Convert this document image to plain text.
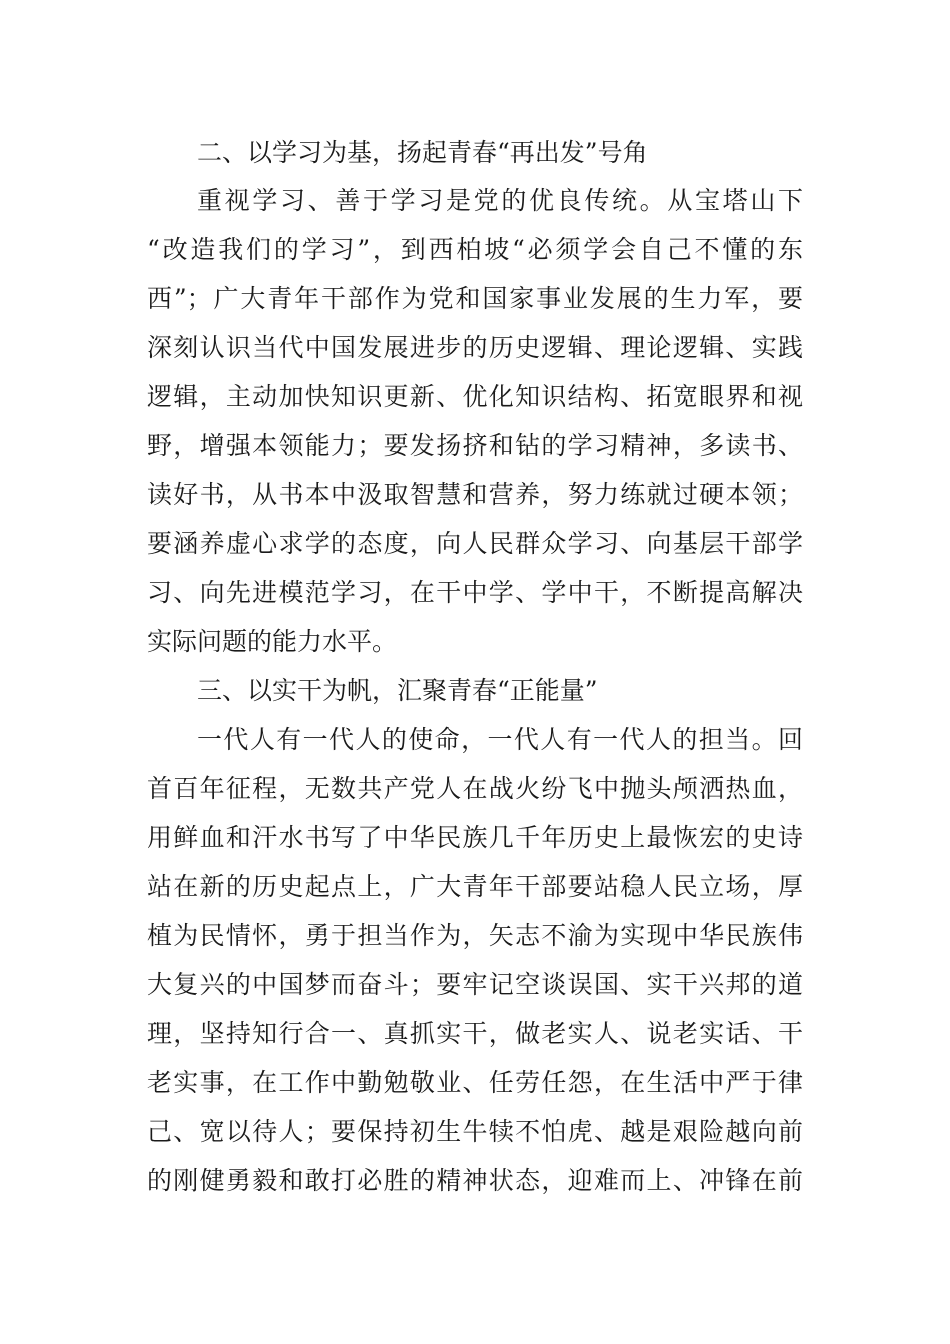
二、以学习为基，扬起青春“再出发”号角
重视学习、善于学习是党的优良传统。从宝塔山下
“改造我们的学习”，到西柏坡“必须学会自己不懂的东
西”；广大青年干部作为党和国家事业发展的生力军，要
深刻认识当代中国发展进步的历史逻辑、理论逻辑、实践
逻辑，主动加快知识更新、优化知识结构、拓宽眼界和视
野，增强本领能力；要发扬挤和钻的学习精神，多读书、
读好书，从书本中汲取智慧和营养，努力练就过硬本领；
要涵养虚心求学的态度，向人民群众学习、向基层干部学
习、向先进模范学习，在干中学、学中干，不断提高解决
实际问题的能力水平。
三、以实干为帆，汇聚青春“正能量”
一代人有一代人的使命，一代人有一代人的担当。回
首百年征程，无数共产党人在战火纷飞中抛头颅洒热血，
用鲜血和汗水书写了中华民族几千年历史上最恢宏的史诗
站在新的历史起点上，广大青年干部要站稳人民立场，厚
植为民情怀，勇于担当作为，矢志不渝为实现中华民族伟
大复兴的中国梦而奋斗；要牢记空谈误国、实干兴邦的道
理，坚持知行合一、真抓实干，做老实人、说老实话、干
老实事，在工作中勤勉敬业、任劳任怨，在生活中严于律
己、宽以待人；要保持初生牛犊不怕虎、越是艰险越向前
的刚健勇毅和敢打必胜的精神状态，迎难而上、冲锋在前
